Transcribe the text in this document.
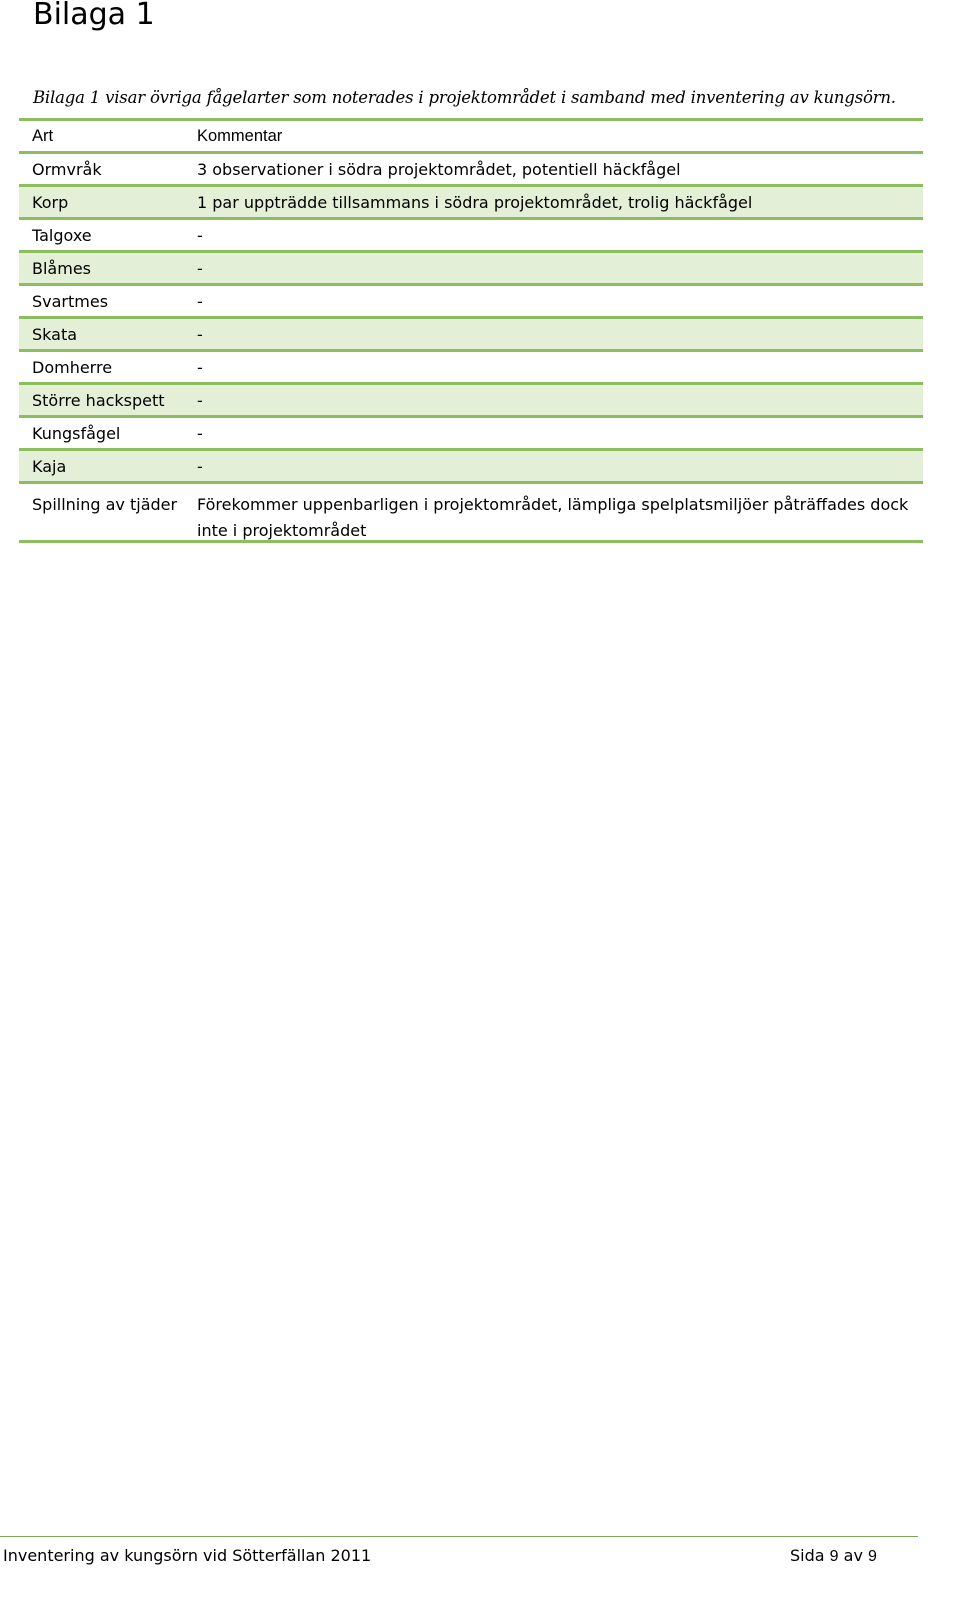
Bilaga 1

Bilaga 1 visar övriga fågelarter som noterades i projektområdet i samband med inventering av kungsörn.

Art	Kommentar
Ormvråk	3 observationer i södra projektområdet, potentiell häckfågel
Korp	1 par uppträdde tillsammans i södra projektområdet, trolig häckfågel
Talgoxe	-
Blåmes	-
Svartmes	-
Skata	-
Domherre	-
Större hackspett	-
Kungsfågel	-
Kaja	-
Spillning av tjäder	Förekommer uppenbarligen i projektområdet, lämpliga spelplatsmiljöer påträffades dock inte i projektområdet
Inventering av kungsörn vid Sötterfällan 2011	Sida 9 av 9
